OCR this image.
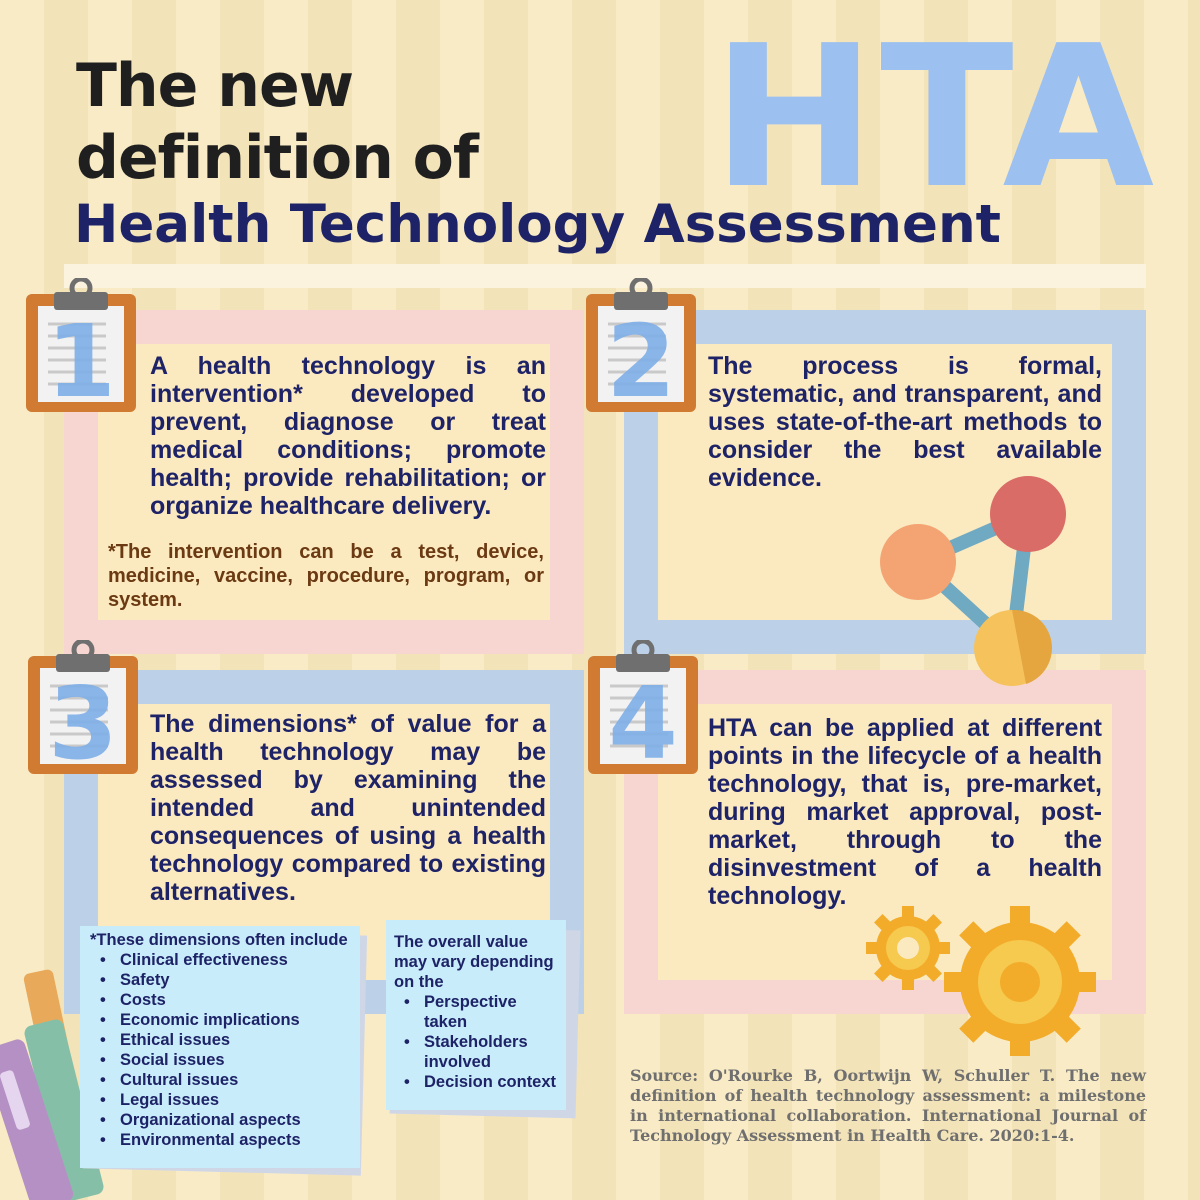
The new
definition of
Health Technology Assessment
HTA
1	2
3	4
A health technology is an intervention* developed to prevent, diagnose or treat medical conditions; promote health; provide rehabilitation; or organize healthcare delivery.
*The intervention can be a test, device, medicine, vaccine, procedure, program, or system.
The process is formal, systematic, and transparent, and uses state-of-the-art methods to consider the best available evidence.
The dimensions* of value for a health technology may be assessed by examining the intended and unintended consequences of using a health technology compared to existing alternatives.
HTA can be applied at different points in the lifecycle of a health technology, that is, pre-market, during market approval, post-market, through to the disinvestment of a health technology.
*These dimensions often include
• Clinical effectiveness
• Safety
• Costs
• Economic implications
• Ethical issues
• Social issues
• Cultural issues
• Legal issues
• Organizational aspects
• Environmental aspects
The overall value may vary depending on the
• Perspective taken
• Stakeholders involved
• Decision context	Source: O'Rourke B, Oortwijn W, Schuller T. The new definition of health technology assessment: a milestone in international collaboration. International Journal of Technology Assessment in Health Care. 2020:1-4.
